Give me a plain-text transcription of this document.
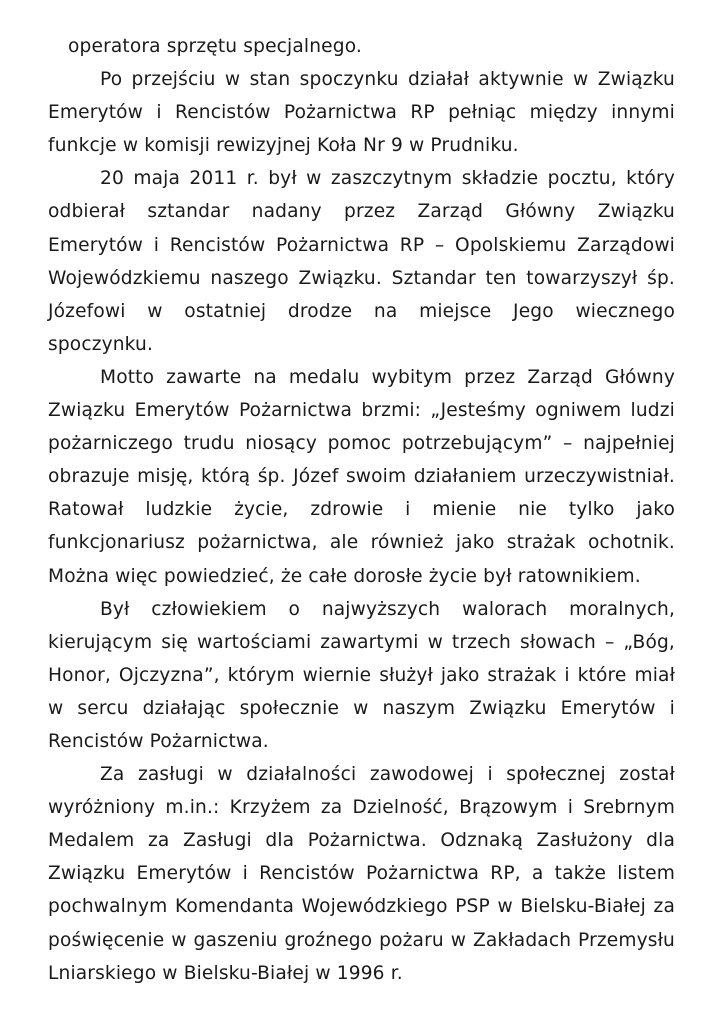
operatora sprzętu specjalnego.

Po przejściu w stan spoczynku działał aktywnie w Związku Emerytów i Rencistów Pożarnictwa RP pełniąc między innymi funkcje w komisji rewizyjnej Koła Nr 9 w Prudniku.

20 maja 2011 r. był w zaszczytnym składzie pocztu, który odbierał sztandar nadany przez Zarząd Główny Związku Emerytów i Rencistów Pożarnictwa RP – Opolskiemu Zarządowi Wojewódzkiemu naszego Związku. Sztandar ten towarzyszył śp. Józefowi w ostatniej drodze na miejsce Jego wiecznego spoczynku.

Motto zawarte na medalu wybitym przez Zarząd Główny Związku Emerytów Pożarnictwa brzmi: „Jesteśmy ogniwem ludzi pożarniczego trudu niosący pomoc potrzebującym” – najpełniej obrazuje misję, którą śp. Józef swoim działaniem urzeczywistniał. Ratował ludzkie życie, zdrowie i mienie nie tylko jako funkcjonariusz pożarnictwa, ale również jako strażak ochotnik. Można więc powiedzieć, że całe dorosłe życie był ratownikiem.

Był człowiekiem o najwyższych walorach moralnych, kierującym się wartościami zawartymi w trzech słowach – „Bóg, Honor, Ojczyzna”, którym wiernie służył jako strażak i które miał w sercu działając społecznie w naszym Związku Emerytów i Rencistów Pożarnictwa.

Za zasługi w działalności zawodowej i społecznej został wyróżniony m.in.: Krzyżem za Dzielność, Brązowym i Srebrnym Medalem za Zasługi dla Pożarnictwa. Odznaką Zasłużony dla Związku Emerytów i Rencistów Pożarnictwa RP, a także listem pochwalnym Komendanta Wojewódzkiego PSP w Bielsku-Białej za poświęcenie w gaszeniu groźnego pożaru w Zakładach Przemysłu Lniarskiego w Bielsku-Białej w 1996 r.
